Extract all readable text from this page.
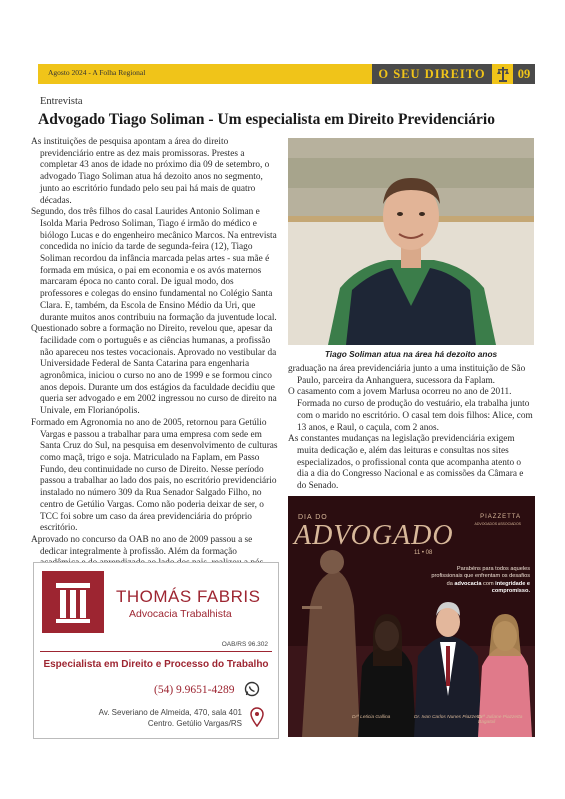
Agosto 2024 - A Folha Regional	O SEU DIREITO	09
Entrevista
Advogado Tiago Soliman - Um especialista em Direito Previdenciário

As instituições de pesquisa apontam a área do direito previdenciário entre as dez mais promissoras. Prestes a completar 43 anos de idade no próximo dia 09 de setembro, o advogado Tiago Soliman atua há dezoito anos no segmento, junto ao escritório fundado pelo seu pai há mais de quatro décadas.

Segundo, dos três filhos do casal Laurides Antonio Soliman e Isolda Maria Pedroso Soliman, Tiago é irmão do médico e biólogo Lucas e do engenheiro mecânico Marcos. Na entrevista concedida no início da tarde de segunda-feira (12), Tiago Soliman recordou da infância marcada pelas artes - sua mãe é formada em música, o pai em economia e os avós maternos marcaram época no canto coral. De igual modo, dos professores e colegas do ensino fundamental no Colégio Santa Clara. E, também, da Escola de Ensino Médio da Uri, que durante muitos anos contribuiu na formação da juventude local.

Questionado sobre a formação no Direito, revelou que, apesar da facilidade com o português e as ciências humanas, a profissão não apareceu nos testes vocacionais. Aprovado no vestibular da Universidade Federal de Santa Catarina para engenharia agronômica, iniciou o curso no ano de 1999 e se formou cinco anos depois. Durante um dos estágios da faculdade decidiu que queria ser advogado e em 2002 ingressou no curso de direito na Univale, em Florianópolis.

Formado em Agronomia no ano de 2005, retornou para Getúlio Vargas e passou a trabalhar para uma empresa com sede em Santa Cruz do Sul, na pesquisa em desenvolvimento de culturas como maçã, trigo e soja. Matriculado na Faplam, em Passo Fundo, deu continuidade no curso de Direito. Nesse período passou a trabalhar ao lado dos pais, no escritório previdenciário instalado no número 309 da Rua Senador Salgado Filho, no centro de Getúlio Vargas. Como não poderia deixar de ser, o TCC foi sobre um caso da área previdenciária do próprio escritório.

Aprovado no concurso da OAB no ano de 2009 passou a se dedicar integralmente à profissão. Além da formação

Tiago Soliman atua na área há dezoito anos

graduação na área previdenciária junto a uma instituição de São Paulo, parceira da Anhanguera, sucessora da Faplam.

O casamento com a jovem Marlusa ocorreu no ano de 2011. Formada no curso de produção do vestuário, ela trabalha junto com o marido no escritório. O casal tem dois filhos: Alice, com 13 anos, e Raul, o caçula, com 2 anos.

As constantes mudanças na legislação previdenciária exigem muita dedicação e, além das leituras e consultas nos sites especializados, o profissional conta que acompanha atento o dia a dia do Congresso Nacional e as comissões da Câmara e do Senado.

THOMÁS FABRIS
Advocacia Trabalhista
OAB/RS 96.302
Especialista em Direito e Processo do Trabalho
(54) 9.9651-4289
Av. Severiano de Almeida, 470, sala 401
Centro. Getúlio Vargas/RS
DIA DO
ADVOGADO
11 • 08
PIAZZETTA
ADVOGADOS ASSOCIADOS
Parabéns para todos aqueles profissionais que enfrentam os desafios da advocacia com integridade e compromisso.
Drª Leticia Gallina	Dr. Ivan Carlos Nunes Piazzetta
Drª Juliane Piazzetta Bagatoli
